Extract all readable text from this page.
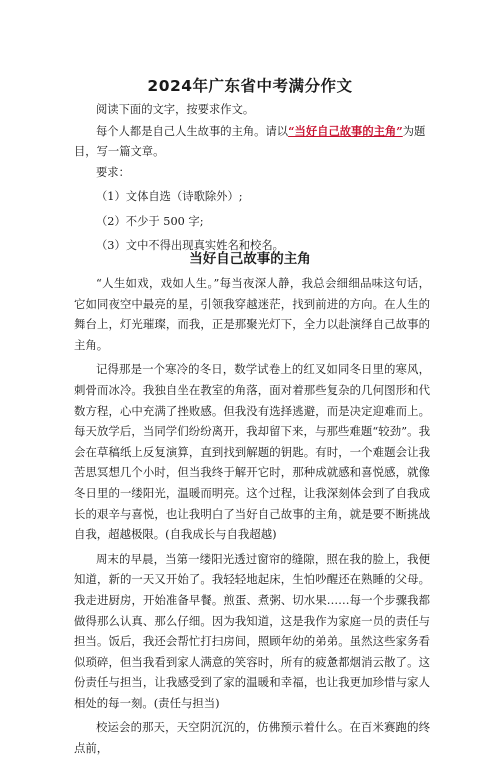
2024年广东省中考满分作文

阅读下面的文字，按要求作文。

每个人都是自己人生故事的主角。请以“当好自己故事的主角”为题目，写一篇文章。

要求：

（1）文体自选（诗歌除外）;
（2）不少于 500 字;
（3）文中不得出现真实姓名和校名。
当好自己故事的主角

“人生如戏，戏如人生。”每当夜深人静，我总会细细品味这句话，它如同夜空中最亮的星，引领我穿越迷茫，找到前进的方向。在人生的舞台上，灯光璀璨，而我，正是那聚光灯下，全力以赴演绎自己故事的主角。

记得那是一个寒冷的冬日，数学试卷上的红叉如同冬日里的寒风，刺骨而冰冷。我独自坐在教室的角落，面对着那些复杂的几何图形和代数方程，心中充满了挫败感。但我没有选择逃避，而是决定迎难而上。每天放学后，当同学们纷纷离开，我却留下来，与那些难题“较劲”。我会在草稿纸上反复演算，直到找到解题的钥匙。有时，一个难题会让我苦思冥想几个小时，但当我终于解开它时，那种成就感和喜悦感，就像冬日里的一缕阳光，温暖而明亮。这个过程，让我深刻体会到了自我成长的艰辛与喜悦，也让我明白了当好自己故事的主角，就是要不断挑战自我，超越极限。(自我成长与自我超越)

周末的早晨，当第一缕阳光透过窗帘的缝隙，照在我的脸上，我便知道，新的一天又开始了。我轻轻地起床，生怕吵醒还在熟睡的父母。我走进厨房，开始准备早餐。煎蛋、煮粥、切水果……每一个步骤我都做得那么认真、那么仔细。因为我知道，这是我作为家庭一员的责任与担当。饭后，我还会帮忙打扫房间，照顾年幼的弟弟。虽然这些家务看似琐碎，但当我看到家人满意的笑容时，所有的疲惫都烟消云散了。这份责任与担当，让我感受到了家的温暖和幸福，也让我更加珍惜与家人相处的每一刻。(责任与担当)

校运会的那天，天空阴沉沉的，仿佛预示着什么。在百米赛跑的终点前，
